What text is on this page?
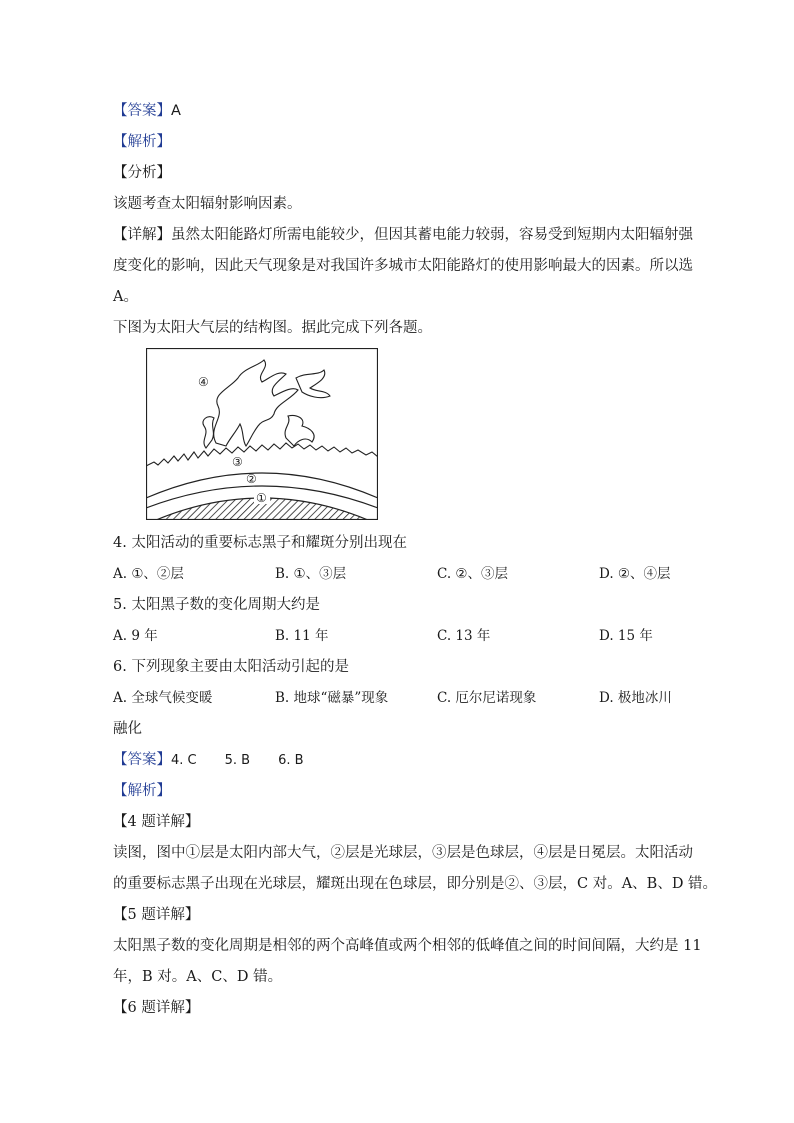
【答案】A
【解析】
【分析】
该题考查太阳辐射影响因素。
【详解】虽然太阳能路灯所需电能较少，但因其蓄电能力较弱，容易受到短期内太阳辐射强
度变化的影响，因此天气现象是对我国许多城市太阳能路灯的使用影响最大的因素。所以选
A。
下图为太阳大气层的结构图。据此完成下列各题。
①
②
③
④
4. 太阳活动的重要标志黑子和耀斑分别出现在
A. ①、②层	B. ①、③层	C. ②、③层	D. ②、④层
5. 太阳黑子数的变化周期大约是
A. 9 年	B. 11 年	C. 13 年	D. 15 年
6. 下列现象主要由太阳活动引起的是
A. 全球气候变暖	B. 地球“磁暴”现象	C. 厄尔尼诺现象	D. 极地冰川
融化
【答案】4. C 5. B 6. B
【解析】
【4 题详解】
读图，图中①层是太阳内部大气，②层是光球层，③层是色球层，④层是日冕层。太阳活动
的重要标志黑子出现在光球层，耀斑出现在色球层，即分别是②、③层，C 对。A、B、D 错。
【5 题详解】
太阳黑子数的变化周期是相邻的两个高峰值或两个相邻的低峰值之间的时间间隔，大约是 11
年，B 对。A、C、D 错。
【6 题详解】
